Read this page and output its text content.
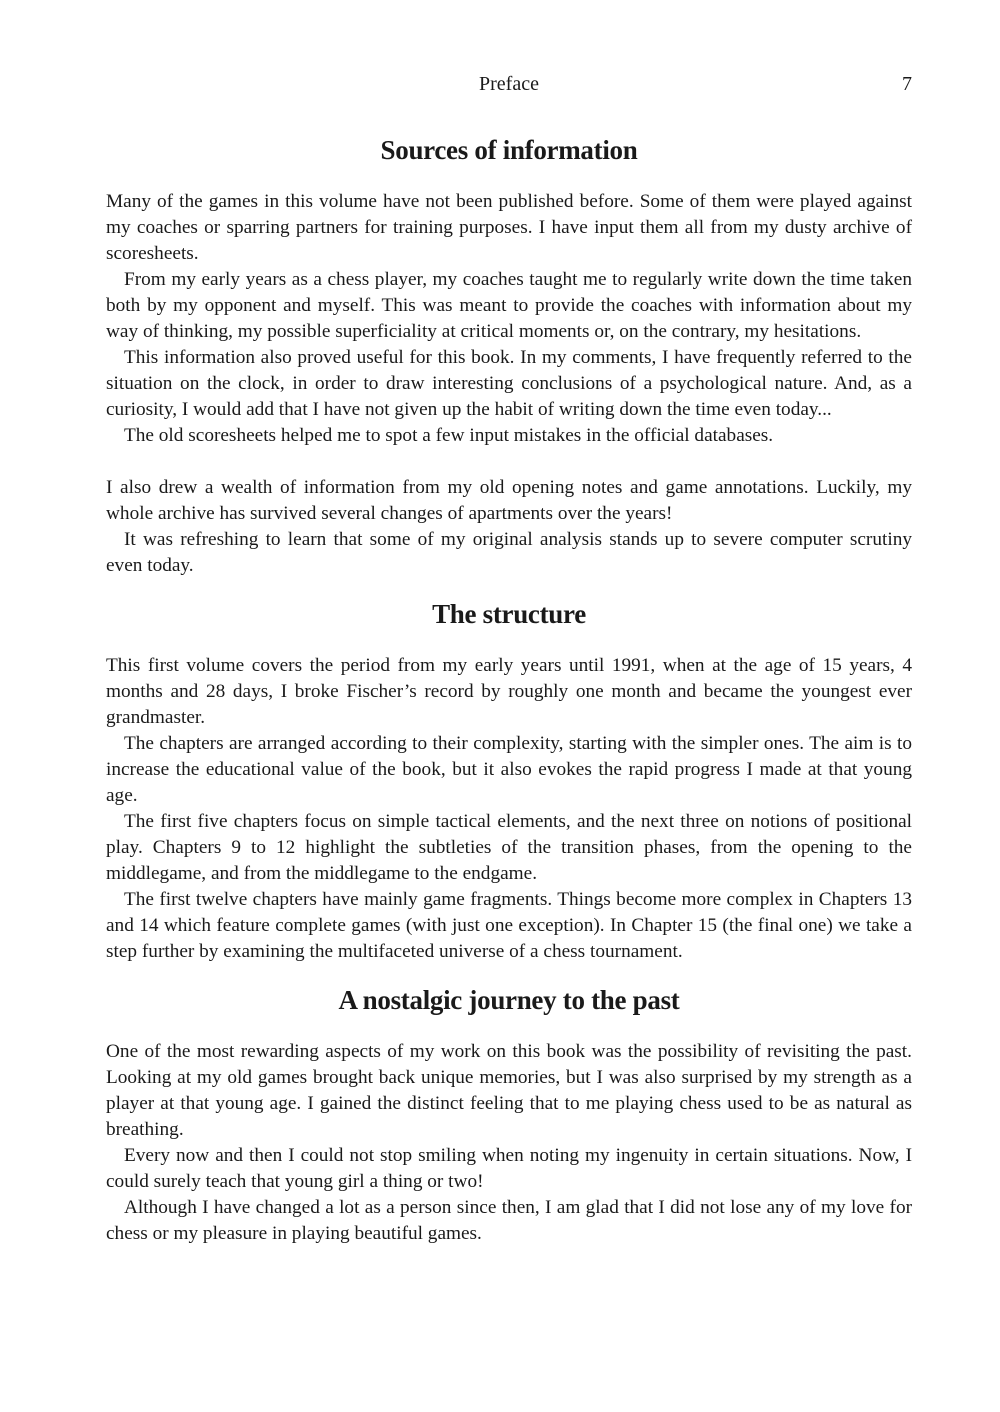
Preface	7
Sources of information

Many of the games in this volume have not been published before. Some of them were played against my coaches or sparring partners for training purposes. I have input them all from my dusty archive of scoresheets.

From my early years as a chess player, my coaches taught me to regularly write down the time taken both by my opponent and myself. This was meant to provide the coaches with information about my way of thinking, my possible superficiality at critical moments or, on the contrary, my hesitations.

This information also proved useful for this book. In my comments, I have frequently referred to the situation on the clock, in order to draw interesting conclusions of a psychological nature. And, as a curiosity, I would add that I have not given up the habit of writing down the time even today...

The old scoresheets helped me to spot a few input mistakes in the official databases.

I also drew a wealth of information from my old opening notes and game annotations. Luckily, my whole archive has survived several changes of apartments over the years!

It was refreshing to learn that some of my original analysis stands up to severe computer scrutiny even today.

The structure

This first volume covers the period from my early years until 1991, when at the age of 15 years, 4 months and 28 days, I broke Fischer’s record by roughly one month and became the youngest ever grandmaster.

The chapters are arranged according to their complexity, starting with the simpler ones. The aim is to increase the educational value of the book, but it also evokes the rapid progress I made at that young age.

The first five chapters focus on simple tactical elements, and the next three on notions of positional play. Chapters 9 to 12 highlight the subtleties of the transition phases, from the opening to the middlegame, and from the middlegame to the endgame.

The first twelve chapters have mainly game fragments. Things become more complex in Chapters 13 and 14 which feature complete games (with just one exception). In Chapter 15 (the final one) we take a step further by examining the multifaceted universe of a chess tournament.

A nostalgic journey to the past

One of the most rewarding aspects of my work on this book was the possibility of revisiting the past. Looking at my old games brought back unique memories, but I was also surprised by my strength as a player at that young age. I gained the distinct feeling that to me playing chess used to be as natural as breathing.

Every now and then I could not stop smiling when noting my ingenuity in certain situations. Now, I could surely teach that young girl a thing or two!

Although I have changed a lot as a person since then, I am glad that I did not lose any of my love for chess or my pleasure in playing beautiful games.
